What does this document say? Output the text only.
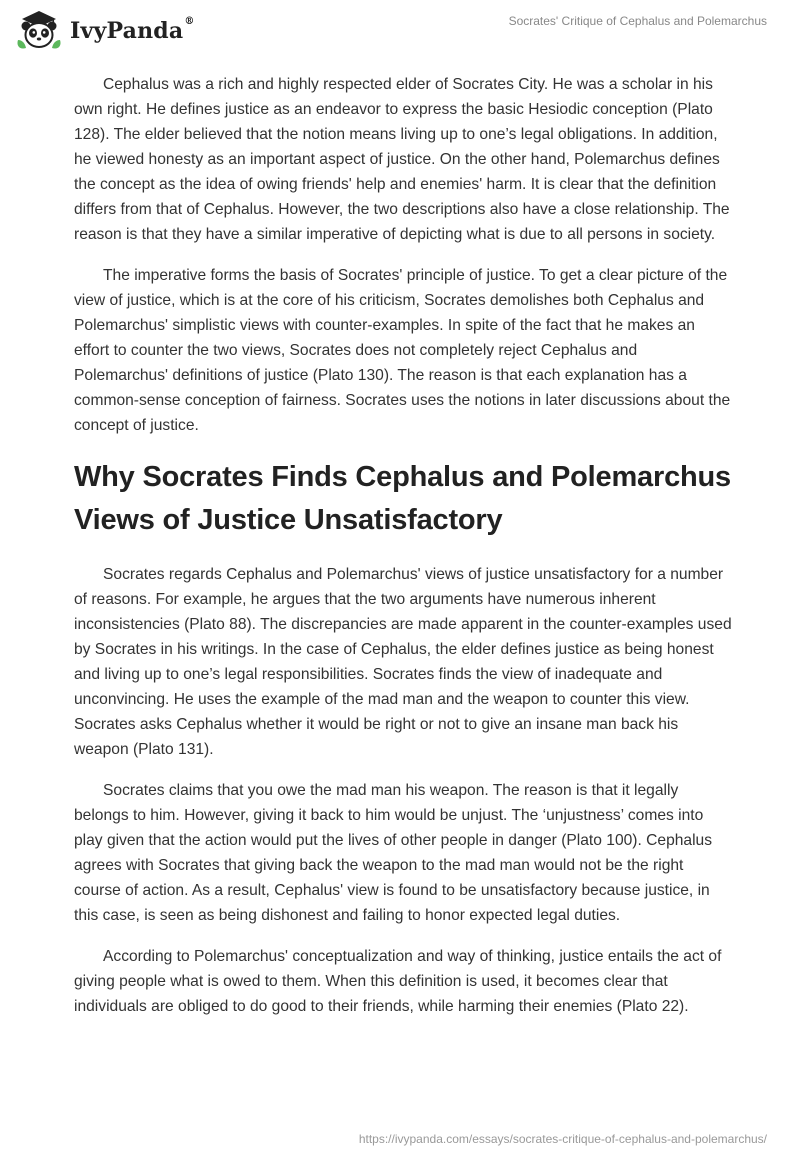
IvyPanda®	Socrates' Critique of Cephalus and Polemarchus

Cephalus was a rich and highly respected elder of Socrates City. He was a scholar in his own right. He defines justice as an endeavor to express the basic Hesiodic conception (Plato 128). The elder believed that the notion means living up to one’s legal obligations. In addition, he viewed honesty as an important aspect of justice. On the other hand, Polemarchus defines the concept as the idea of owing friends' help and enemies' harm. It is clear that the definition differs from that of Cephalus. However, the two descriptions also have a close relationship. The reason is that they have a similar imperative of depicting what is due to all persons in society.

The imperative forms the basis of Socrates' principle of justice. To get a clear picture of the view of justice, which is at the core of his criticism, Socrates demolishes both Cephalus and Polemarchus' simplistic views with counter-examples. In spite of the fact that he makes an effort to counter the two views, Socrates does not completely reject Cephalus and Polemarchus' definitions of justice (Plato 130). The reason is that each explanation has a common-sense conception of fairness. Socrates uses the notions in later discussions about the concept of justice.

Why Socrates Finds Cephalus and Polemarchus Views of Justice Unsatisfactory

Socrates regards Cephalus and Polemarchus' views of justice unsatisfactory for a number of reasons. For example, he argues that the two arguments have numerous inherent inconsistencies (Plato 88). The discrepancies are made apparent in the counter-examples used by Socrates in his writings. In the case of Cephalus, the elder defines justice as being honest and living up to one’s legal responsibilities. Socrates finds the view of inadequate and unconvincing. He uses the example of the mad man and the weapon to counter this view. Socrates asks Cephalus whether it would be right or not to give an insane man back his weapon (Plato 131).

Socrates claims that you owe the mad man his weapon. The reason is that it legally belongs to him. However, giving it back to him would be unjust. The ‘unjustness’ comes into play given that the action would put the lives of other people in danger (Plato 100). Cephalus agrees with Socrates that giving back the weapon to the mad man would not be the right course of action. As a result, Cephalus' view is found to be unsatisfactory because justice, in this case, is seen as being dishonest and failing to honor expected legal duties.

According to Polemarchus' conceptualization and way of thinking, justice entails the act of giving people what is owed to them. When this definition is used, it becomes clear that individuals are obliged to do good to their friends, while harming their enemies (Plato 22).

https://ivypanda.com/essays/socrates-critique-of-cephalus-and-polemarchus/
